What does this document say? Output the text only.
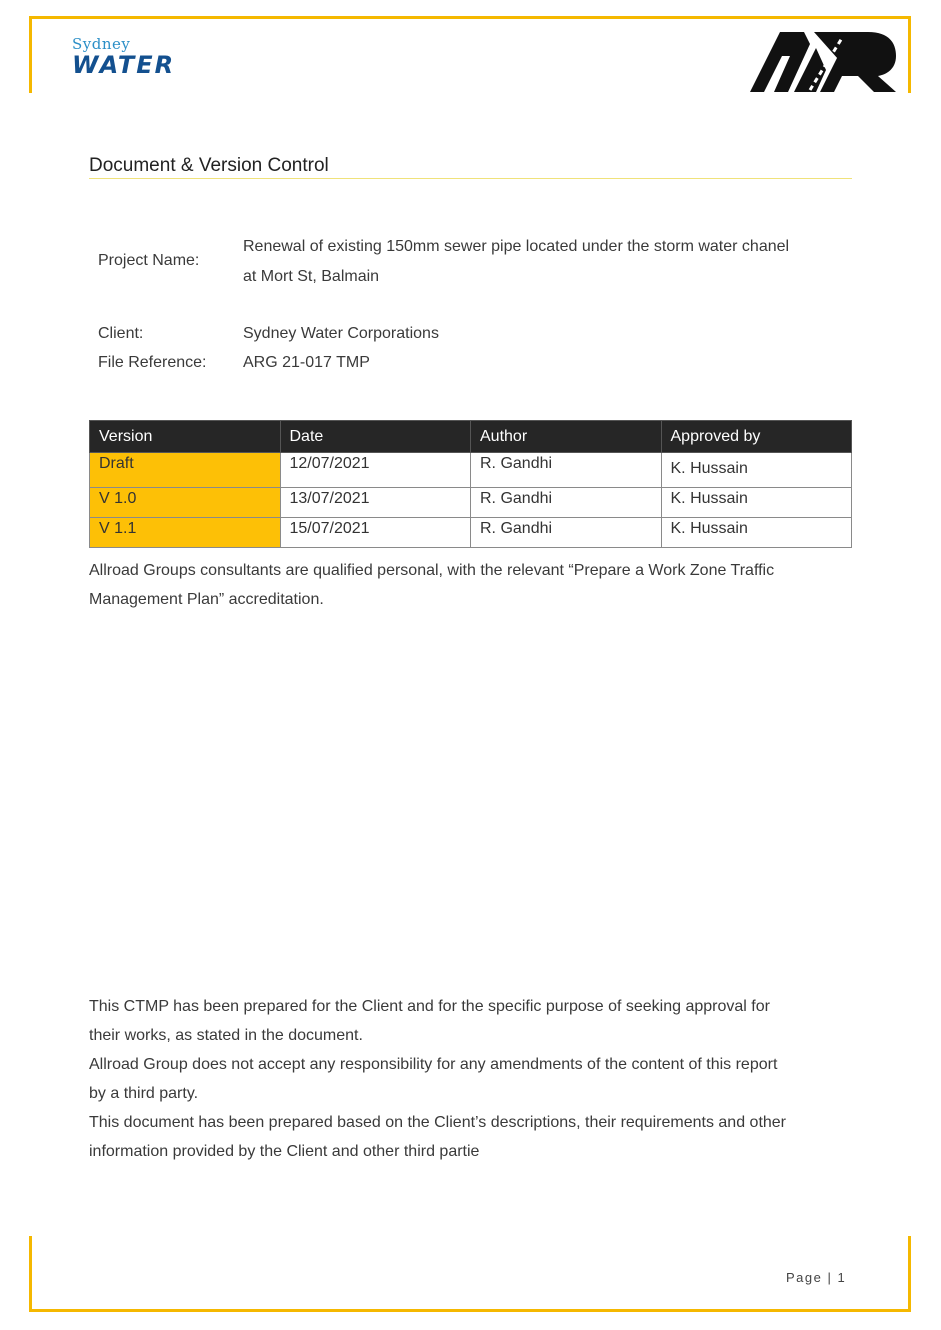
Sydney
WATER
Document & Version Control
Project Name:
Renewal of existing 150mm sewer pipe located under the storm water chanel
at Mort St, Balmain
Client:	Sydney Water Corporations
File Reference: ARG 21-017 TMP
Version	Date	Author	Approved by
Draft	12/07/2021	R. Gandhi	K. Hussain
V 1.0	13/07/2021	R. Gandhi	K. Hussain
V 1.1	15/07/2021	R. Gandhi	K. Hussain

Allroad Groups consultants are qualified personal, with the relevant “Prepare a Work Zone Traffic

Management Plan” accreditation.

This CTMP has been prepared for the Client and for the specific purpose of seeking approval for

their works, as stated in the document.

Allroad Group does not accept any responsibility for any amendments of the content of this report

by a third party.

This document has been prepared based on the Client’s descriptions, their requirements and other

information provided by the Client and other third partie

Page | 1
